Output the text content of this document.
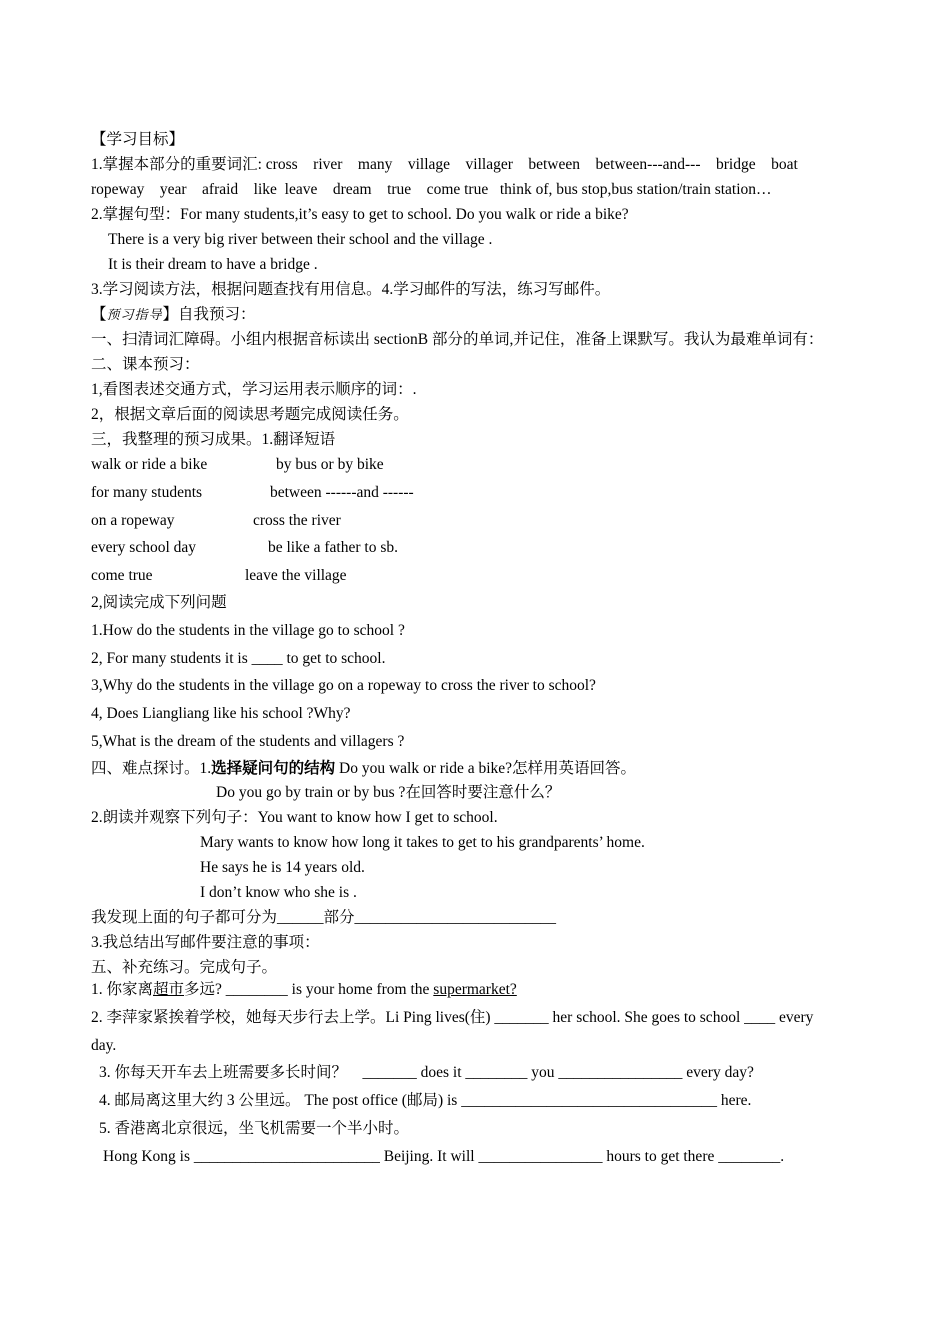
【学习目标】
1.掌握本部分的重要词汇: cross    river    many    village    villager    between    between---and---    bridge    boat
ropeway    year    afraid    like  leave    dream    true    come true   think of, bus stop,bus station/train station…
2.掌握句型：For many students,it’s easy to get to school. Do you walk or ride a bike?
There is a very big river between their school and the village .
It is their dream to have a bridge .
3.学习阅读方法，根据问题查找有用信息。4.学习邮件的写法，练习写邮件。
【预习指导】自我预习：
一、扫清词汇障碍。小组内根据音标读出 sectionB 部分的单词,并记住，准备上课默写。我认为最难单词有：
二、课本预习：
1,看图表述交通方式，学习运用表示顺序的词：.
2，根据文章后面的阅读思考题完成阅读任务。
三，我整理的预习成果。1.翻译短语
walk or ride a bike	by bus or by bike
for many students	between ------and ------
on a ropeway	cross the river
every school day	be like a father to sb.
come true	leave the village
2,阅读完成下列问题
1.How do the students in the village go to school ?
2, For many students it is ____ to get to school.
3,Why do the students in the village go on a ropeway to cross the river to school?
4, Does Liangliang like his school ?Why?
5,What is the dream of the students and villagers ?
四、难点探讨。1.选择疑问句的结构 Do you walk or ride a bike?怎样用英语回答。
Do you go by train or by bus ?在回答时要注意什么？
2.朗读并观察下列句子：You want to know how I get to school.
Mary wants to know how long it takes to get to his grandparents’ home.
He says he is 14 years old.
I don’t know who she is .
我发现上面的句子都可分为______部分__________________________
3.我总结出写邮件要注意的事项：
五、补充练习。完成句子。
1. 你家离超市多远? ________ is your home from the supermarket?
2. 李萍家紧挨着学校，她每天步行去上学。Li Ping lives(住) _______ her school. She goes to school ____ every
day.
3. 你每天开车去上班需要多长时间？    _______ does it ________ you ________________ every day?
4. 邮局离这里大约 3 公里远。 The post office (邮局) is _________________________________ here.
5. 香港离北京很远，坐飞机需要一个半小时。
Hong Kong is ________________________ Beijing. It will ________________ hours to get there ________.
